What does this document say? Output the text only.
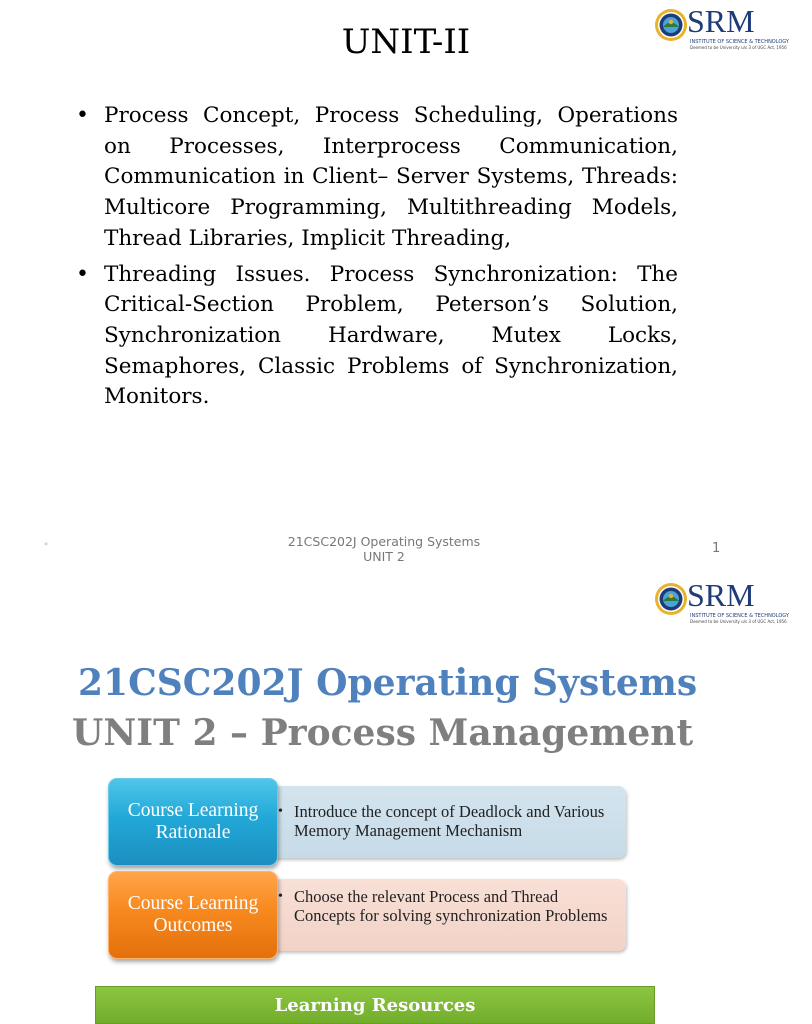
UNIT-II
SRM
INSTITUTE OF SCIENCE & TECHNOLOGY
Deemed to be University u/s 3 of UGC Act, 1956
• Process Concept, Process Scheduling, Operations on Processes, Interprocess Communication, Communication in Client– Server Systems, Threads: Multicore Programming, Multithreading Models, Thread Libraries, Implicit Threading,
• Threading Issues. Process Synchronization: The Critical-Section Problem, Peterson’s Solution, Synchronization Hardware, Mutex Locks, Semaphores, Classic Problems of Synchronization, Monitors.
*	21CSC202J Operating Systems
UNIT 2
1
SRM
INSTITUTE OF SCIENCE & TECHNOLOGY
Deemed to be University u/s 3 of UGC Act, 1956
21CSC202J Operating Systems
UNIT 2 – Process Management
• Introduce the concept of Deadlock and Various Memory Management Mechanism
Course Learning Rationale
• Choose the relevant Process and Thread Concepts for solving synchronization Problems
Course Learning Outcomes
Learning Resources
